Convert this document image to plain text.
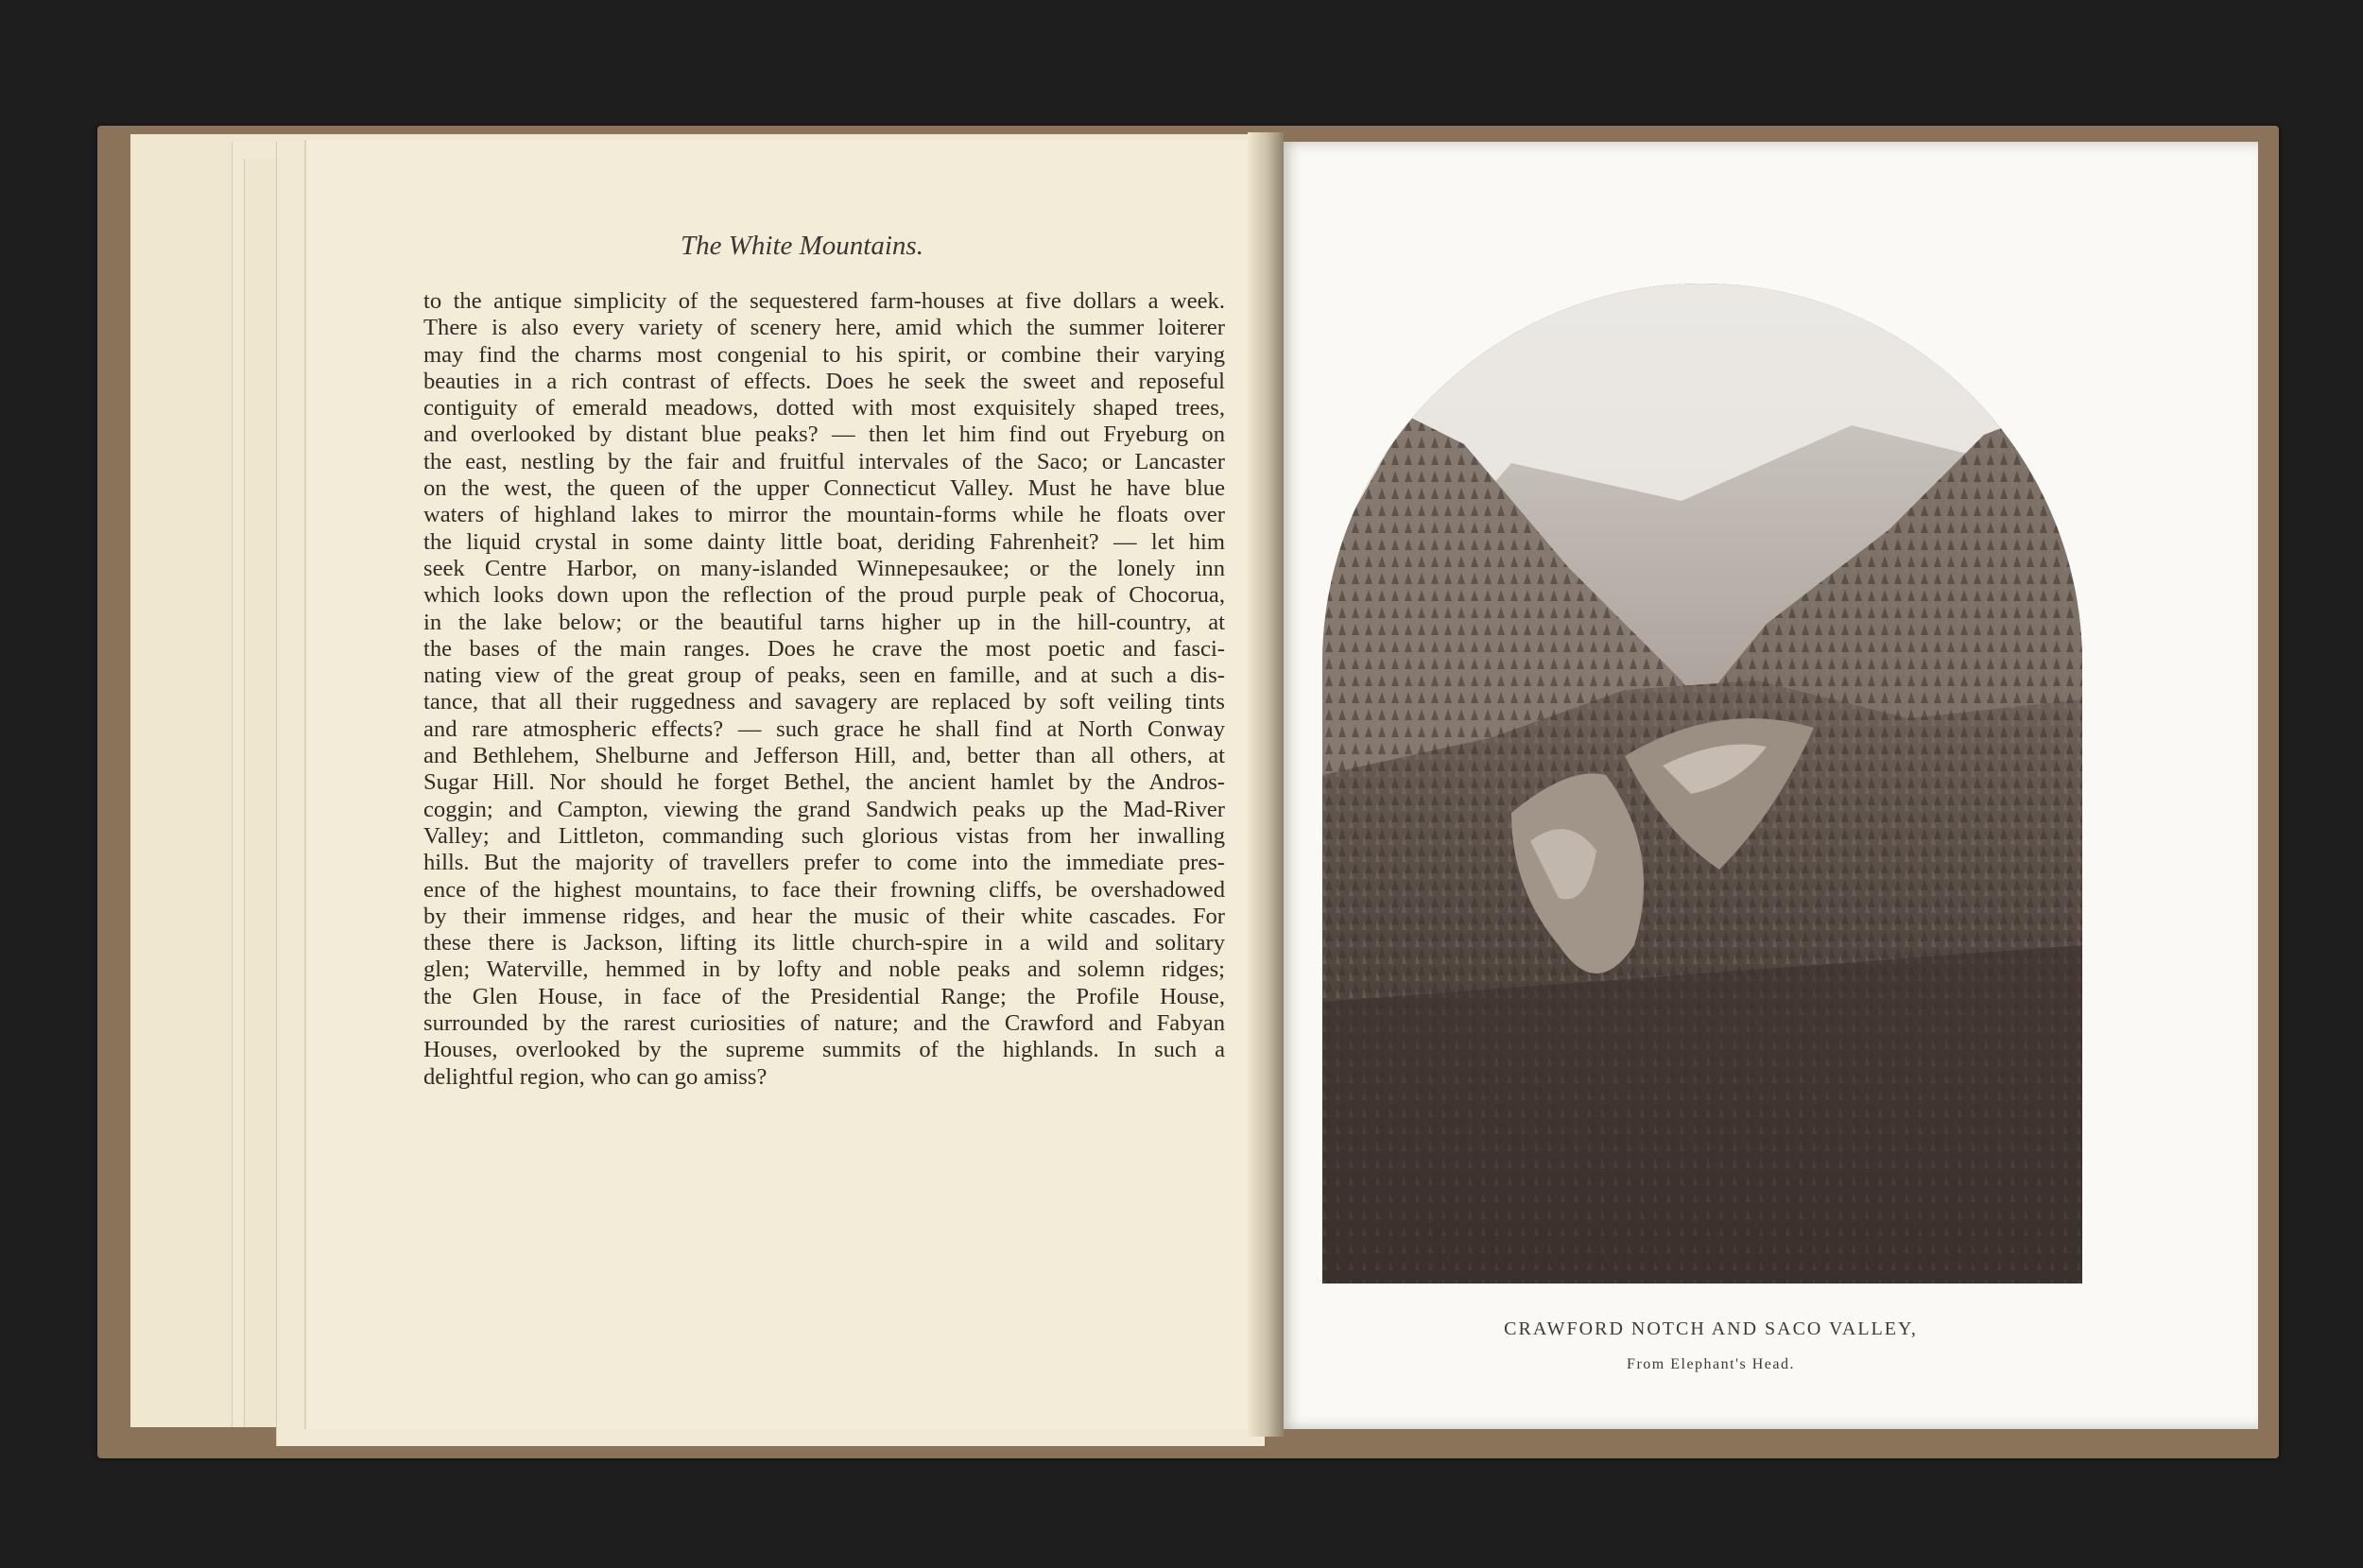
The White Mountains.
to the antique simplicity of the sequestered farm-houses at five dollars a week.
There is also every variety of scenery here, amid which the summer loiterer
may find the charms most congenial to his spirit, or combine their varying
beauties in a rich contrast of effects. Does he seek the sweet and reposeful
contiguity of emerald meadows, dotted with most exquisitely shaped trees,
and overlooked by distant blue peaks? — then let him find out Fryeburg on
the east, nestling by the fair and fruitful intervales of the Saco; or Lancaster
on the west, the queen of the upper Connecticut Valley. Must he have blue
waters of highland lakes to mirror the mountain-forms while he floats over
the liquid crystal in some dainty little boat, deriding Fahrenheit? — let him
seek Centre Harbor, on many-islanded Winnepesaukee; or the lonely inn
which looks down upon the reflection of the proud purple peak of Chocorua,
in the lake below; or the beautiful tarns higher up in the hill-country, at
the bases of the main ranges. Does he crave the most poetic and fasci-
nating view of the great group of peaks, seen en famille, and at such a dis-
tance, that all their ruggedness and savagery are replaced by soft veiling tints
and rare atmospheric effects? — such grace he shall find at North Conway
and Bethlehem, Shelburne and Jefferson Hill, and, better than all others, at
Sugar Hill. Nor should he forget Bethel, the ancient hamlet by the Andros-
coggin; and Campton, viewing the grand Sandwich peaks up the Mad-River
Valley; and Littleton, commanding such glorious vistas from her inwalling
hills. But the majority of travellers prefer to come into the immediate pres-
ence of the highest mountains, to face their frowning cliffs, be overshadowed
by their immense ridges, and hear the music of their white cascades. For
these there is Jackson, lifting its little church-spire in a wild and solitary
glen; Waterville, hemmed in by lofty and noble peaks and solemn ridges;
the Glen House, in face of the Presidential Range; the Profile House,
surrounded by the rarest curiosities of nature; and the Crawford and Fabyan
Houses, overlooked by the supreme summits of the highlands. In such a
delightful region, who can go amiss?
CRAWFORD NOTCH AND SACO VALLEY,
From Elephant's Head.
